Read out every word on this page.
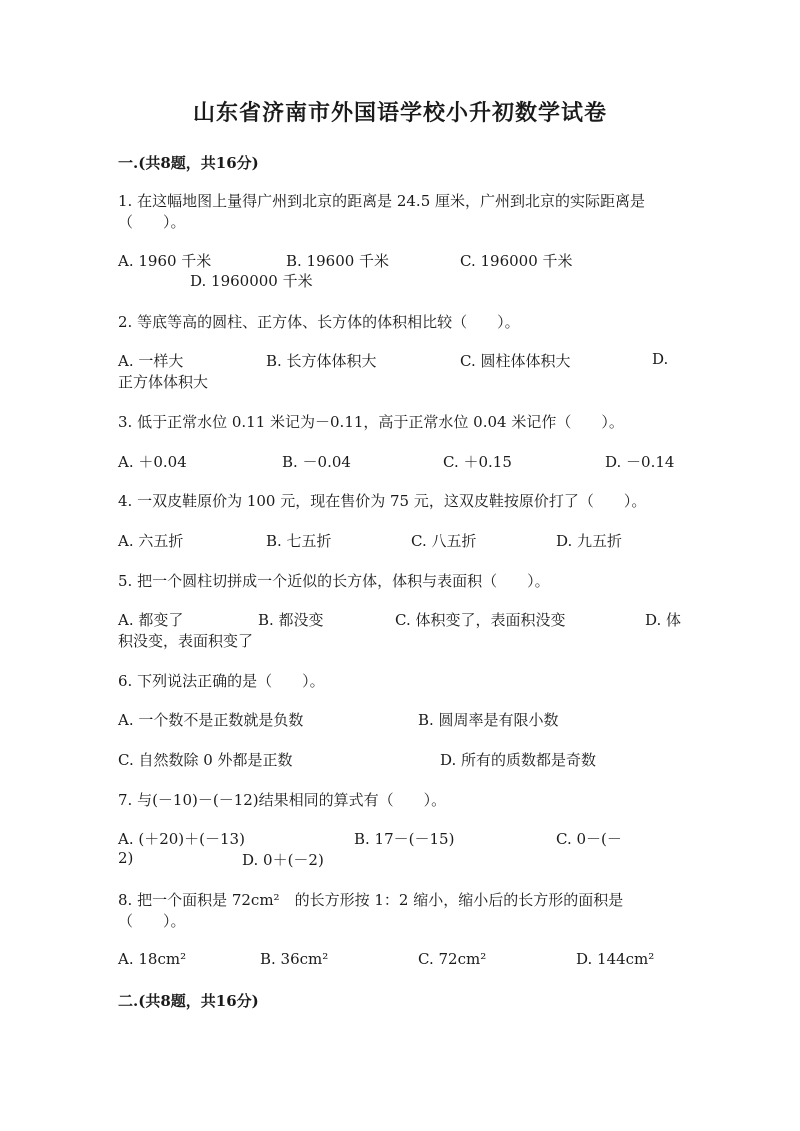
山东省济南市外国语学校小升初数学试卷
一.(共8题，共16分)
1. 在这幅地图上量得广州到北京的距离是 24.5 厘米，广州到北京的实际距离是
（　　）。
A. 1960 千米	B. 19600 千米	C. 196000 千米
D. 1960000 千米
2. 等底等高的圆柱、正方体、长方体的体积相比较（　　）。
A. 一样大	B. 长方体体积大	C. 圆柱体体积大	D.
正方体体积大
3. 低于正常水位 0.11 米记为－0.11，高于正常水位 0.04 米记作（　　）。
A. ＋0.04	B. －0.04	C. ＋0.15	D. －0.14
4. 一双皮鞋原价为 100 元，现在售价为 75 元，这双皮鞋按原价打了（　　）。
A. 六五折	B. 七五折	C. 八五折	D. 九五折
5. 把一个圆柱切拼成一个近似的长方体，体积与表面积（　　）。
A. 都变了	B. 都没变	C. 体积变了，表面积没变	D. 体
积没变，表面积变了
6. 下列说法正确的是（　　）。
A. 一个数不是正数就是负数	B. 圆周率是有限小数
C. 自然数除 0 外都是正数	D. 所有的质数都是奇数
7. 与(－10)－(－12)结果相同的算式有（　　）。
A. (＋20)＋(－13)	B. 17－(－15)	C. 0－(－
2)	D. 0＋(－2)
8. 把一个面积是 72cm²　的长方形按 1：2 缩小，缩小后的长方形的面积是
（　　）。
A. 18cm²	B. 36cm²	C. 72cm²	D. 144cm²
二.(共8题，共16分)
